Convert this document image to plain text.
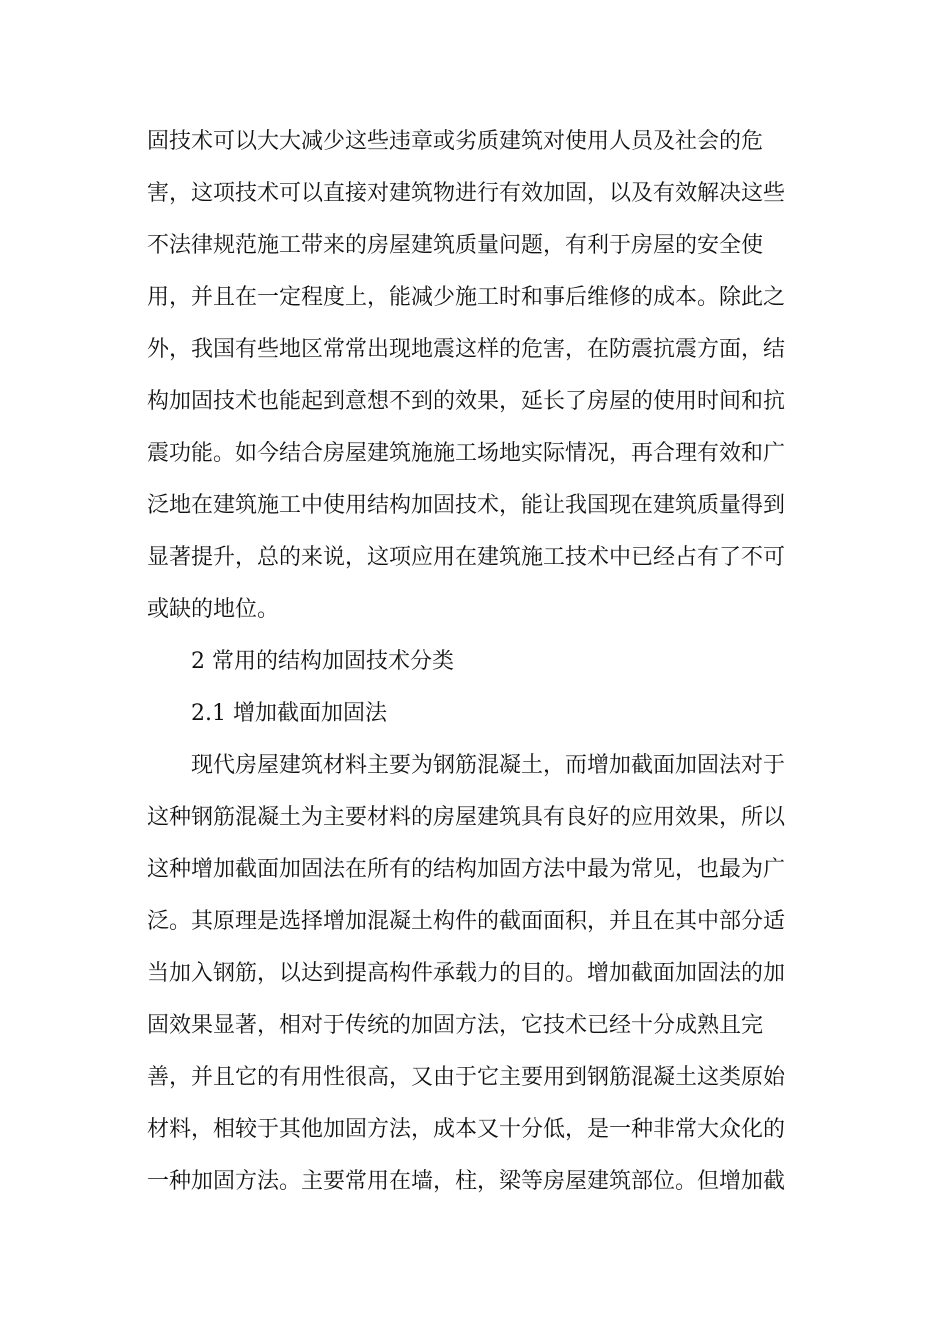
固技术可以大大减少这些违章或劣质建筑对使用人员及社会的危
害，这项技术可以直接对建筑物进行有效加固，以及有效解决这些
不法律规范施工带来的房屋建筑质量问题，有利于房屋的安全使
用，并且在一定程度上，能减少施工时和事后维修的成本。除此之
外，我国有些地区常常出现地震这样的危害，在防震抗震方面，结
构加固技术也能起到意想不到的效果，延长了房屋的使用时间和抗
震功能。如今结合房屋建筑施施工场地实际情况，再合理有效和广
泛地在建筑施工中使用结构加固技术，能让我国现在建筑质量得到
显著提升，总的来说，这项应用在建筑施工技术中已经占有了不可
或缺的地位。
2 常用的结构加固技术分类
2.1 增加截面加固法
现代房屋建筑材料主要为钢筋混凝土，而增加截面加固法对于
这种钢筋混凝土为主要材料的房屋建筑具有良好的应用效果，所以
这种增加截面加固法在所有的结构加固方法中最为常见，也最为广
泛。其原理是选择增加混凝土构件的截面面积，并且在其中部分适
当加入钢筋，以达到提高构件承载力的目的。增加截面加固法的加
固效果显著，相对于传统的加固方法，它技术已经十分成熟且完
善，并且它的有用性很高，又由于它主要用到钢筋混凝土这类原始
材料，相较于其他加固方法，成本又十分低，是一种非常大众化的
一种加固方法。主要常用在墙，柱，梁等房屋建筑部位。但增加截
